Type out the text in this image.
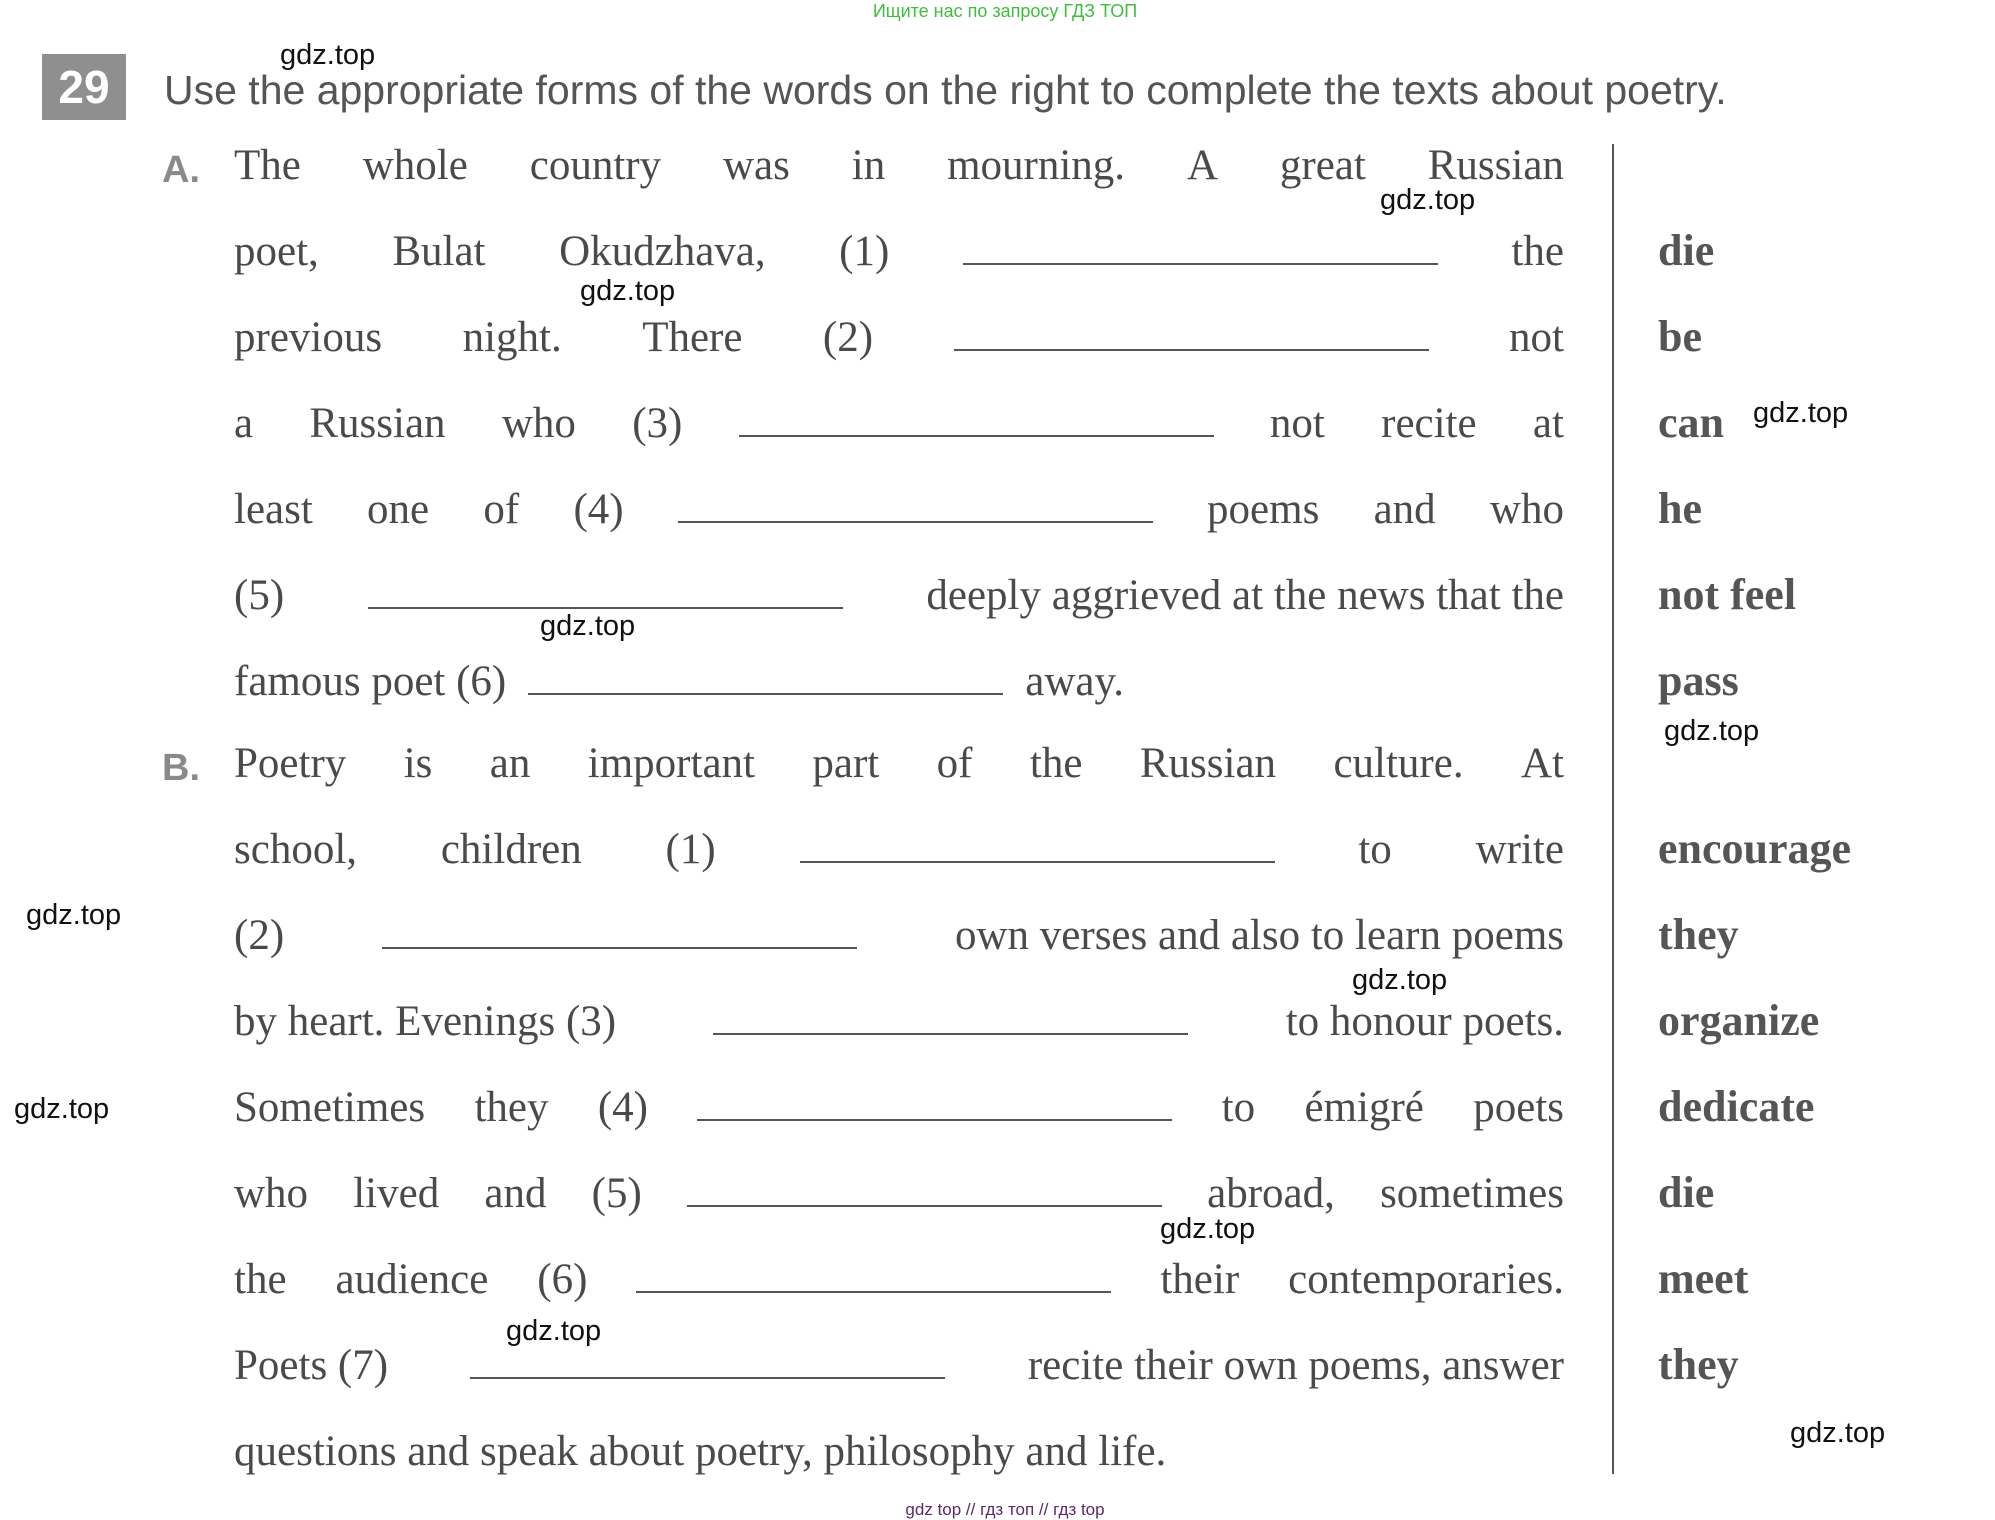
Ищите нас по запросу ГДЗ ТОП
29	Use the appropriate forms of the words on the right to complete the texts about poetry.
A.
B.
The whole country was in mourning. A great Russian
poet, Bulat Okudzhava, (1)	the die
previous night. There (2)	not be
a Russian who (3)	not recite at can
least one of (4)	poems and who he
(5)	deeply aggrieved at the news that the not feel
famous poet (6)	away.	pass
Poetry is an important part of the Russian culture. At
school, children (1)	to write encourage
(2)	own verses and also to learn poems they
by heart. Evenings (3)	to honour poets. organize
Sometimes they (4)	to émigré poets dedicate
who lived and (5)	abroad, sometimes die
the audience (6)	their contemporaries. meet
Poets (7)	recite their own poems, answer they
questions and speak about poetry, philosophy and life.
gdz.top
gdz.top
gdz.top
gdz.top
gdz.top
gdz.top
gdz.top
gdz.top
gdz.top
gdz.top
gdz.top
gdz.top
gdz top // гдз топ // гдз top
